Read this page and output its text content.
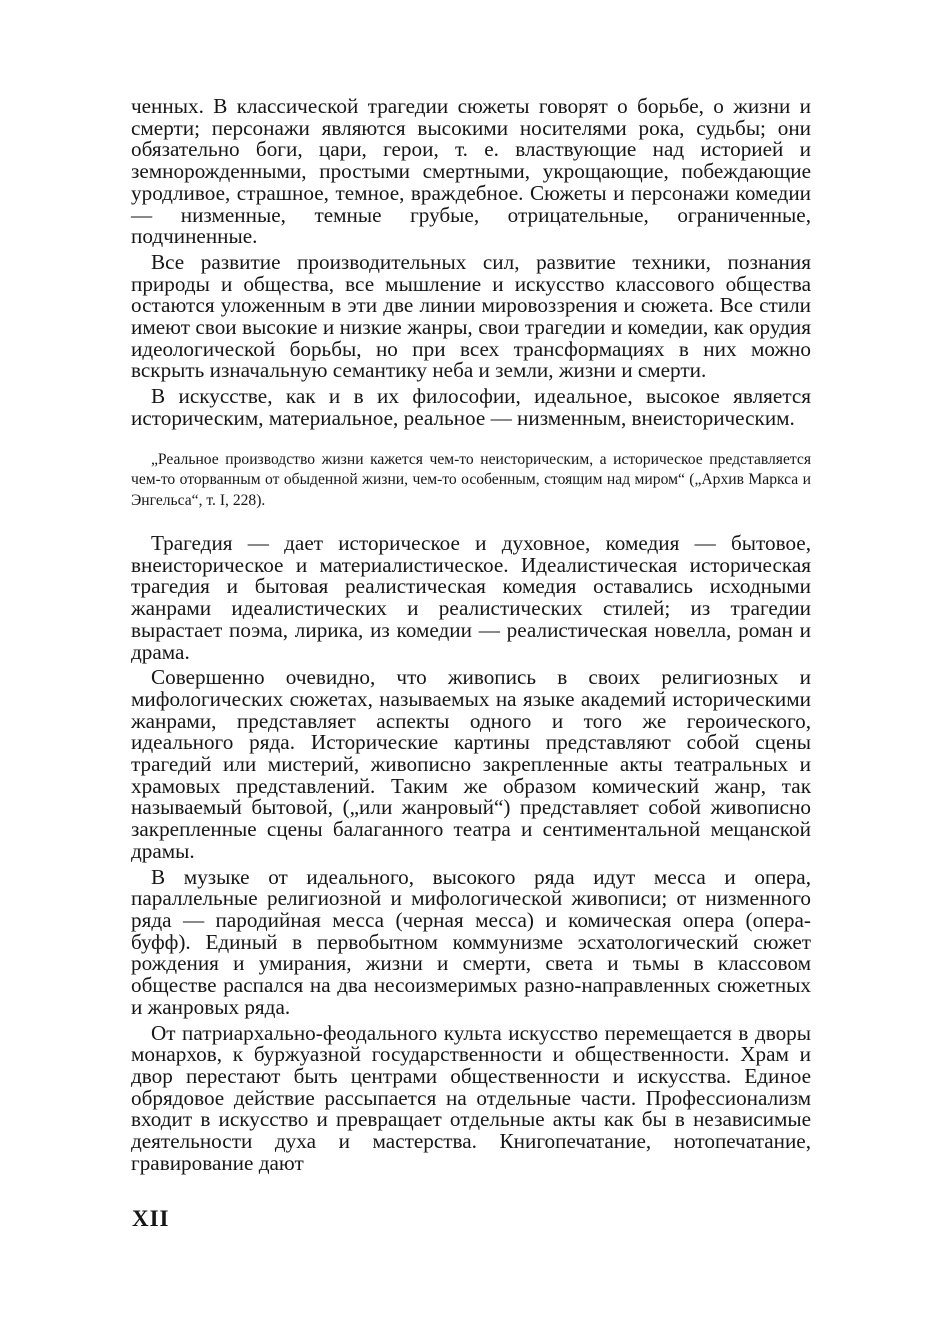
ченных. В классической трагедии сюжеты говорят о борьбе, о жизни и смерти; персонажи являются высокими носителями рока, судьбы; они обязательно боги, цари, герои, т. е. властвующие над историей и земнорожденными, простыми смертными, укрощающие, побеждающие уродливое, страшное, темное, враждебное. Сюжеты и персонажи комедии — низменные, темные грубые, отрицательные, ограниченные, подчиненные.

Все развитие производительных сил, развитие техники, познания природы и общества, все мышление и искусство классового общества остаются уложенным в эти две линии мировоззрения и сюжета. Все стили имеют свои высокие и низкие жанры, свои трагедии и комедии, как орудия идеологической борьбы, но при всех трансформациях в них можно вскрыть изначальную семантику неба и земли, жизни и смерти.

В искусстве, как и в их философии, идеальное, высокое является историческим, материальное, реальное — низменным, внеисторическим.

„Реальное производство жизни кажется чем-то неисторическим, а историческое представляется чем-то оторванным от обыденной жизни, чем-то особенным, стоящим над миром“ („Архив Маркса и Энгельса“, т. I, 228).

Трагедия — дает историческое и духовное, комедия — бытовое, внеисторическое и материалистическое. Идеалистическая историческая трагедия и бытовая реалистическая комедия оставались исходными жанрами идеалистических и реалистических стилей; из трагедии вырастает поэма, лирика, из комедии — реалистическая новелла, роман и драма.

Совершенно очевидно, что живопись в своих религиозных и мифологических сюжетах, называемых на языке академий историческими жанрами, представляет аспекты одного и того же героического, идеального ряда. Исторические картины представляют собой сцены трагедий или мистерий, живописно закрепленные акты театральных и храмовых представлений. Таким же образом комический жанр, так называемый бытовой, („или жанровый“) представляет собой живописно закрепленные сцены балаганного театра и сентиментальной мещанской драмы.

В музыке от идеального, высокого ряда идут месса и опера, параллельные религиозной и мифологической живописи; от низменного ряда — пародийная месса (черная месса) и комическая опера (опера-буфф). Единый в первобытном коммунизме эсхатологический сюжет рождения и умирания, жизни и смерти, света и тьмы в классовом обществе распался на два несоизмеримых разно-направленных сюжетных и жанровых ряда.

От патриархально-феодального культа искусство перемещается в дворы монархов, к буржуазной государственности и общественности. Храм и двор перестают быть центрами общественности и искусства. Единое обрядовое действие рассыпается на отдельные части. Профессионализм входит в искусство и превращает отдельные акты как бы в независимые деятельности духа и мастерства. Книгопечатание, нотопечатание, гравирование дают

XII
